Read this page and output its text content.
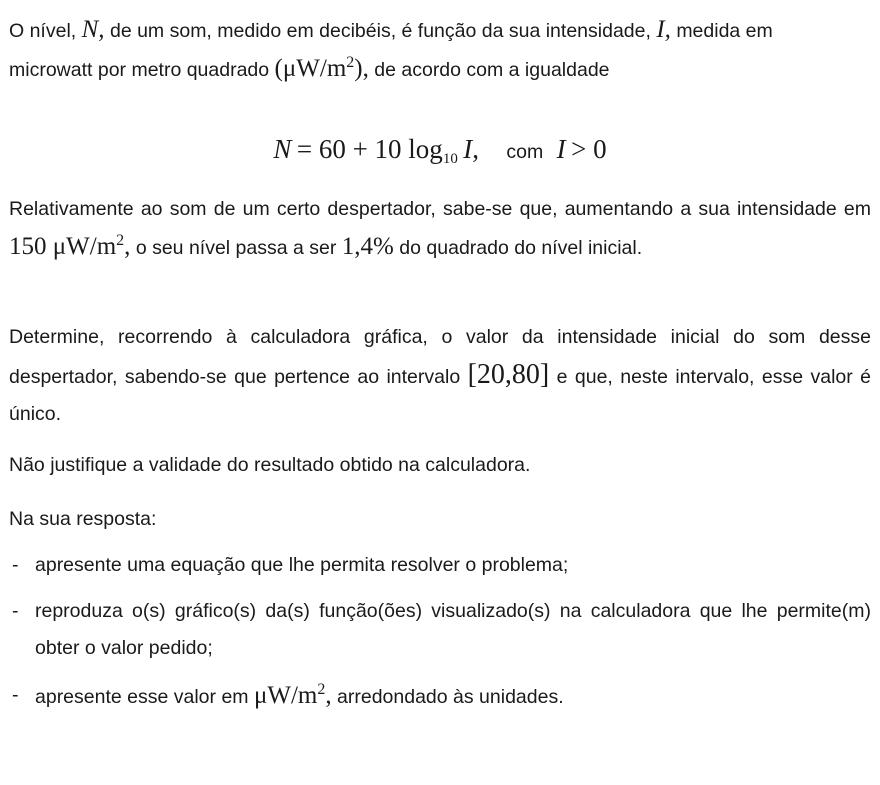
O nível, N, de um som, medido em decibéis, é função da sua intensidade, I, medida em microwatt por metro quadrado $(\mu W/m^2)$, de acordo com a igualdade
N = 60 + 10 $\log_{10} I$, com I > 0
Relativamente ao som de um certo despertador, sabe-se que, aumentando a sua intensidade em 150 $\mu W/m^2$, o seu nível passa a ser 1,4% do quadrado do nível inicial.
Determine, recorrendo à calculadora gráfica, o valor da intensidade inicial do som desse despertador, sabendo-se que pertence ao intervalo [20,80] e que, neste intervalo, esse valor é único.
Não justifique a validade do resultado obtido na calculadora.
Na sua resposta:
- apresente uma equação que lhe permita resolver o problema;
- reproduza o(s) gráfico(s) da(s) função(ões) visualizado(s) na calculadora que lhe permite(m) obter o valor pedido;
- apresente esse valor em $\mu W/m^2$, arredondado às unidades.
